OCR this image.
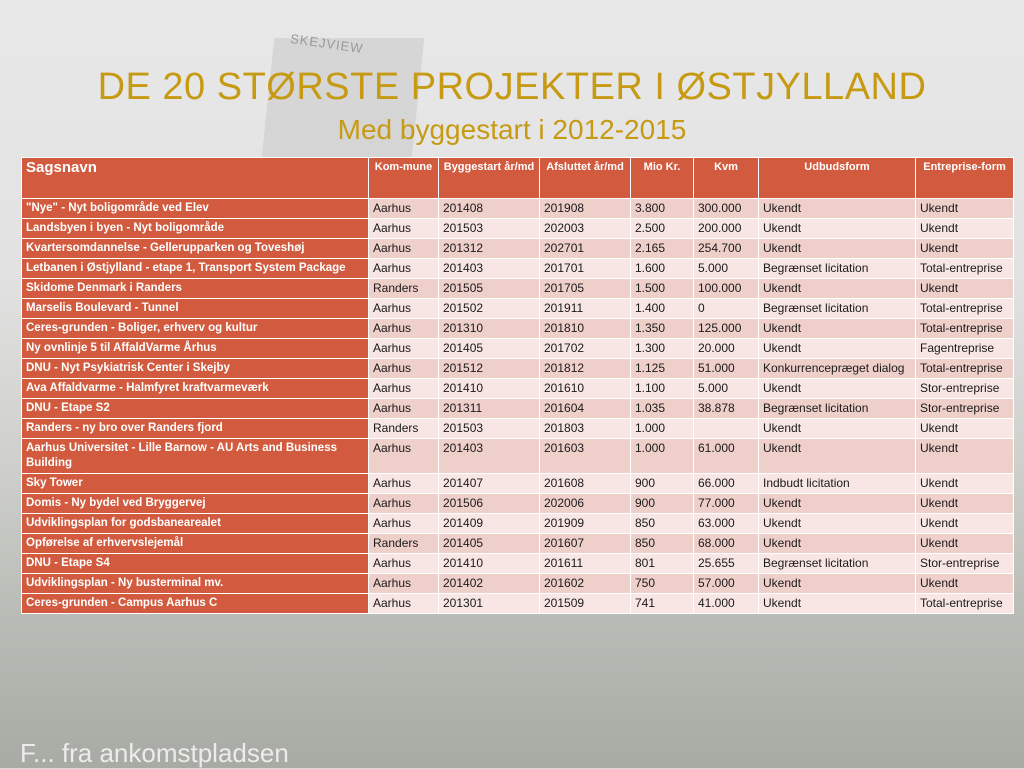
SKEJVIEW
F... fra ankomstpladsen
DE 20 STØRSTE PROJEKTER I ØSTJYLLAND
Med byggestart i 2012-2015
Sagsnavn	Kom-mune	Byggestart år/md	Afsluttet år/md	Mio Kr.	Kvm	Udbudsform	Entreprise-form
"Nye" - Nyt boligområde ved Elev	Aarhus	201408	201908	3.800	300.000	Ukendt	Ukendt
Landsbyen i byen - Nyt boligområde	Aarhus	201503	202003	2.500	200.000	Ukendt	Ukendt
Kvartersomdannelse - Gellerupparken og Toveshøj	Aarhus	201312	202701	2.165	254.700	Ukendt	Ukendt
Letbanen i Østjylland - etape 1, Transport System Package	Aarhus	201403	201701	1.600	5.000	Begrænset licitation	Total-entreprise
Skidome Denmark i Randers	Randers	201505	201705	1.500	100.000	Ukendt	Ukendt
Marselis Boulevard - Tunnel	Aarhus	201502	201911	1.400	0	Begrænset licitation	Total-entreprise
Ceres-grunden - Boliger, erhverv og kultur	Aarhus	201310	201810	1.350	125.000	Ukendt	Total-entreprise
Ny ovnlinje 5 til AffaldVarme Århus	Aarhus	201405	201702	1.300	20.000	Ukendt	Fagentreprise
DNU - Nyt Psykiatrisk Center i Skejby	Aarhus	201512	201812	1.125	51.000	Konkurrencepræget dialog	Total-entreprise
Ava Affaldvarme - Halmfyret kraftvarmeværk	Aarhus	201410	201610	1.100	5.000	Ukendt	Stor-entreprise
DNU - Etape S2	Aarhus	201311	201604	1.035	38.878	Begrænset licitation	Stor-entreprise
Randers - ny bro over Randers fjord	Randers	201503	201803	1.000		Ukendt	Ukendt
Aarhus Universitet - Lille Barnow - AU Arts and Business Building	Aarhus	201403	201603	1.000	61.000	Ukendt	Ukendt
Sky Tower	Aarhus	201407	201608	900	66.000	Indbudt licitation	Ukendt
Domis - Ny bydel ved Bryggervej	Aarhus	201506	202006	900	77.000	Ukendt	Ukendt
Udviklingsplan for godsbanearealet	Aarhus	201409	201909	850	63.000	Ukendt	Ukendt
Opførelse af erhvervslejemål	Randers	201405	201607	850	68.000	Ukendt	Ukendt
DNU - Etape S4	Aarhus	201410	201611	801	25.655	Begrænset licitation	Stor-entreprise
Udviklingsplan - Ny busterminal mv.	Aarhus	201402	201602	750	57.000	Ukendt	Ukendt
Ceres-grunden - Campus Aarhus C	Aarhus	201301	201509	741	41.000	Ukendt	Total-entreprise
